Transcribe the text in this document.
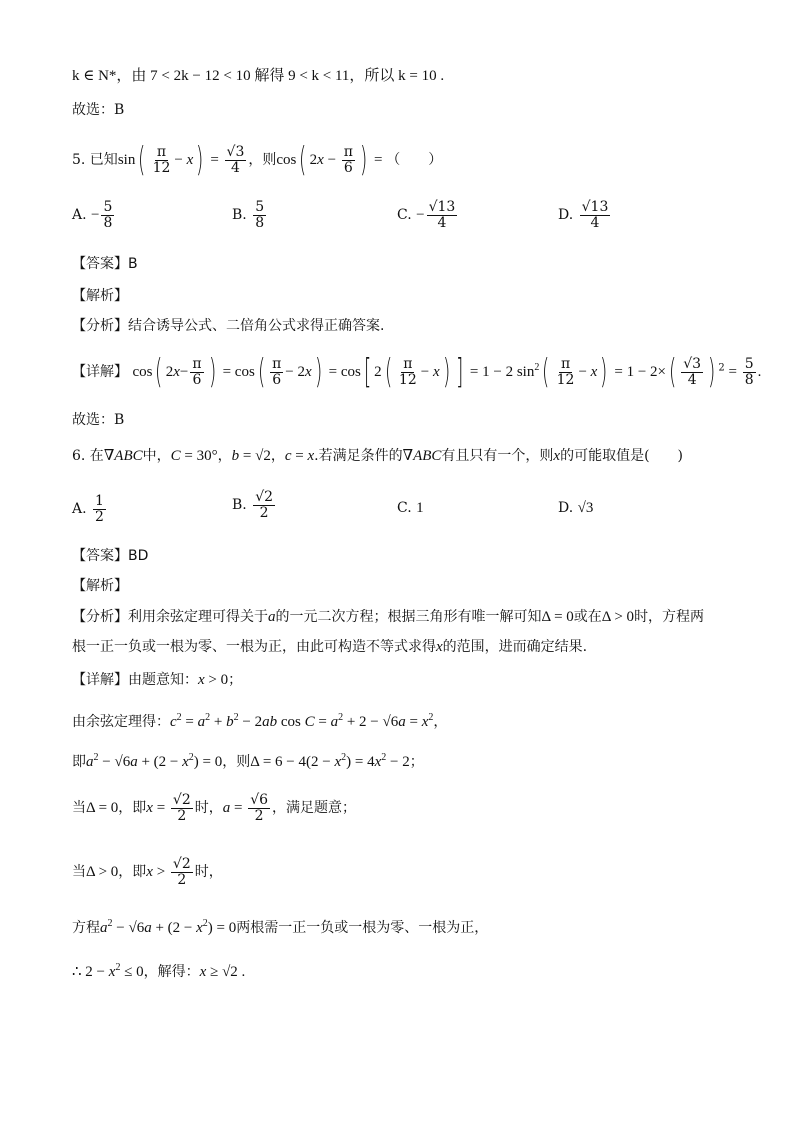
k ∈ N*，由 7 < 2k − 12 < 10 解得 9 < k < 11，所以 k = 10 .
故选：B
5. 已知$\sin( \frac{\pi}{12} - x) = \frac{√3}{4}$ ，则cos( $2x - \frac{\pi}{6}$ ) = （　　）
A. − $\frac{5}{8}$	B. $\frac{5}{8}$	C. − $\frac{√13}{4}$	D. $\frac{√13}{4}$
【答案】B
【解析】
【分析】结合诱导公式、二倍角公式求得正确答案.
【详解】 cos( $2x- \frac{\pi}{6}$ ) = $\cos( \frac{\pi}{6} - 2x) = \cos$[ $2( \frac{\pi}{12} - x)$ ] = 1 − 2 $\sin^2( \frac{\pi}{12} - x) = 1 - 2\times( \frac{√3}{4}$ ) $^2 = \frac{5}{8}$ .
故选：B
6. 在∇ABC中，C = 30°，b = √2，c = x.若满足条件的∇ABC有且只有一个，则x的可能取值是(　　)
A. $\frac{1}{2}$	B. $\frac{√2}{2}$	C. 1	D. √3
【答案】BD
【解析】
【分析】利用余弦定理可得关于a的一元二次方程；根据三角形有唯一解可知Δ = 0或在Δ > 0时，方程两
根一正一负或一根为零、一根为正，由此可构造不等式求得x的范围，进而确定结果.
【详解】由题意知：x > 0；
由余弦定理得：$c^2 = a^2 + b^2 - 2ab$ $\cos C = a^2 + 2 - √6a = x^2$，
即$a^2 - √6a + (2 - x^2) = 0$，则$\Delta = 6 - 4(2 - x^2) = 4x^2 - 2$；
当Δ = 0，即$x = \frac{√2}{2}$ 时，$a = \frac{√6}{2}$ ，满足题意；
当Δ > 0，即$x > \frac{√2}{2}$ 时，
方程$a^2 - √6a + (2 - x^2) = 0$两根需一正一负或一根为零、一根为正，
∴ $2 - x^2 \le 0$，解得：x ≥ √2 .
